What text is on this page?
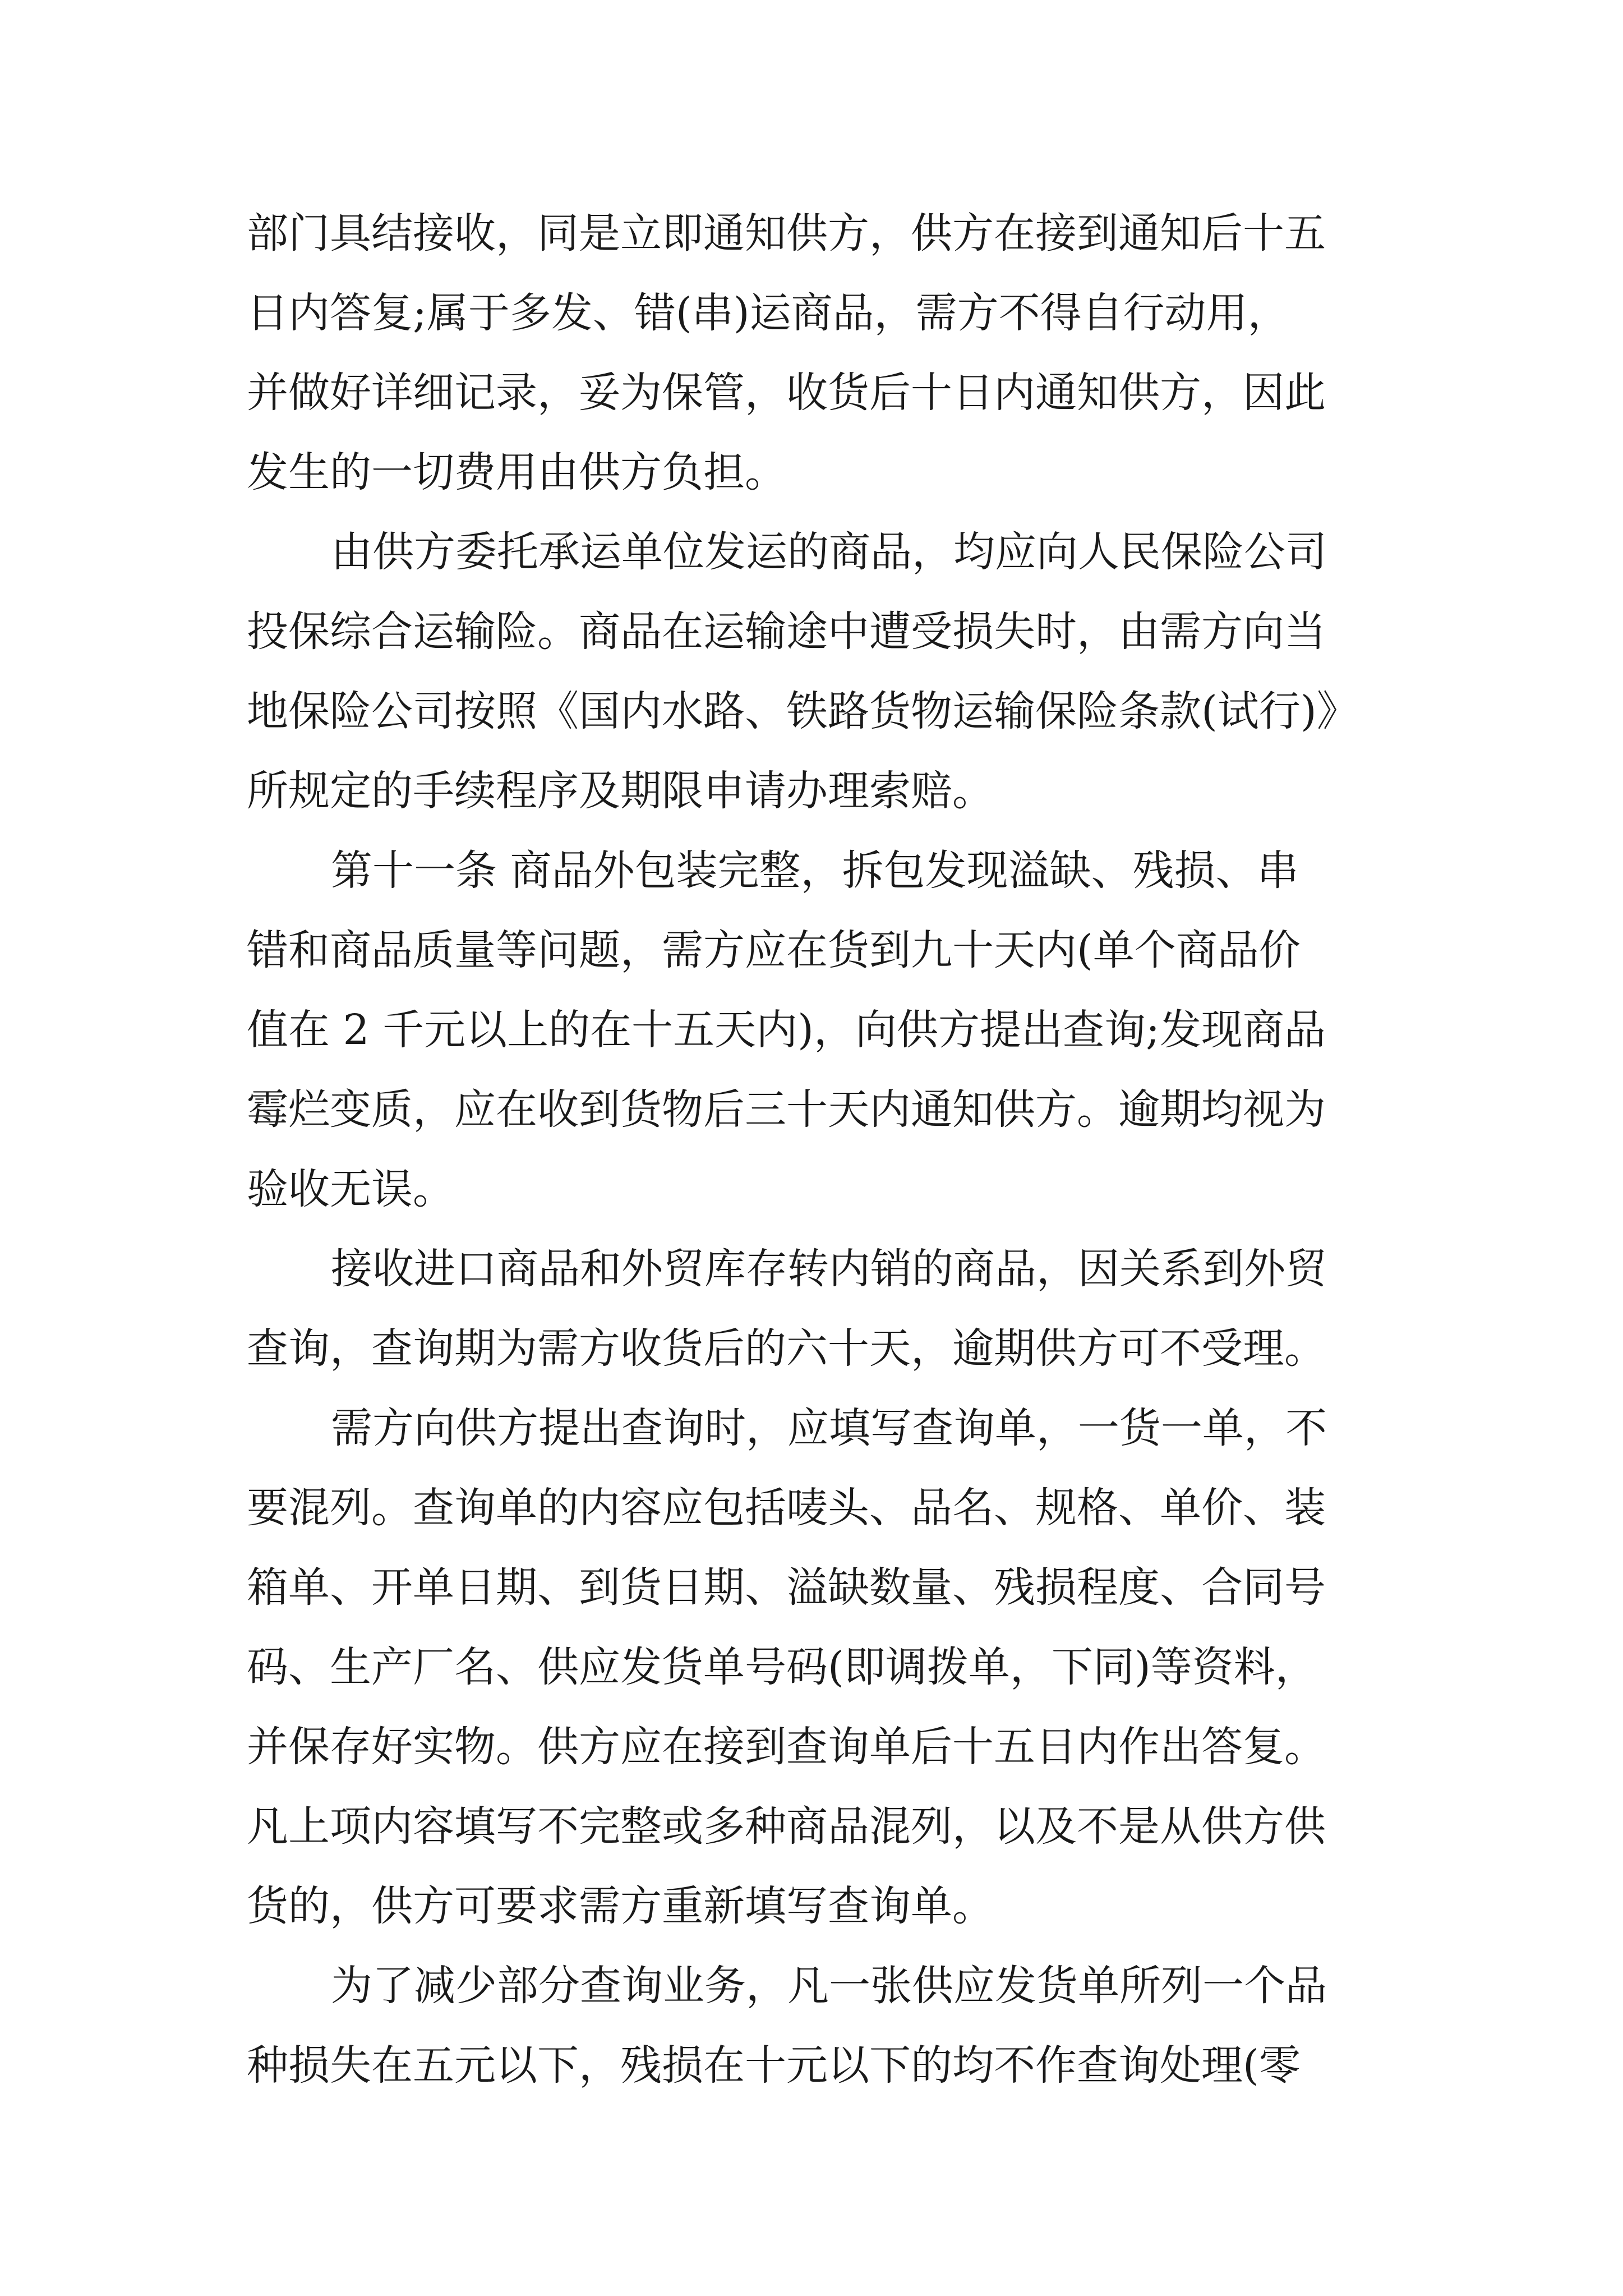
部门具结接收，同是立即通知供方，供方在接到通知后十五
日内答复;属于多发、错(串)运商品，需方不得自行动用，
并做好详细记录，妥为保管，收货后十日内通知供方，因此
发生的一切费用由供方负担。
由供方委托承运单位发运的商品，均应向人民保险公司
投保综合运输险。商品在运输途中遭受损失时，由需方向当
地保险公司按照《国内水路、铁路货物运输保险条款(试行)》
所规定的手续程序及期限申请办理索赔。
第十一条 商品外包装完整，拆包发现溢缺、残损、串
错和商品质量等问题，需方应在货到九十天内(单个商品价
值在 2 千元以上的在十五天内)，向供方提出查询;发现商品
霉烂变质，应在收到货物后三十天内通知供方。逾期均视为
验收无误。
接收进口商品和外贸库存转内销的商品，因关系到外贸
查询，查询期为需方收货后的六十天，逾期供方可不受理。
需方向供方提出查询时，应填写查询单，一货一单，不
要混列。查询单的内容应包括唛头、品名、规格、单价、装
箱单、开单日期、到货日期、溢缺数量、残损程度、合同号
码、生产厂名、供应发货单号码(即调拨单，下同)等资料，
并保存好实物。供方应在接到查询单后十五日内作出答复。
凡上项内容填写不完整或多种商品混列，以及不是从供方供
货的，供方可要求需方重新填写查询单。
为了减少部分查询业务，凡一张供应发货单所列一个品
种损失在五元以下，残损在十元以下的均不作查询处理(零
